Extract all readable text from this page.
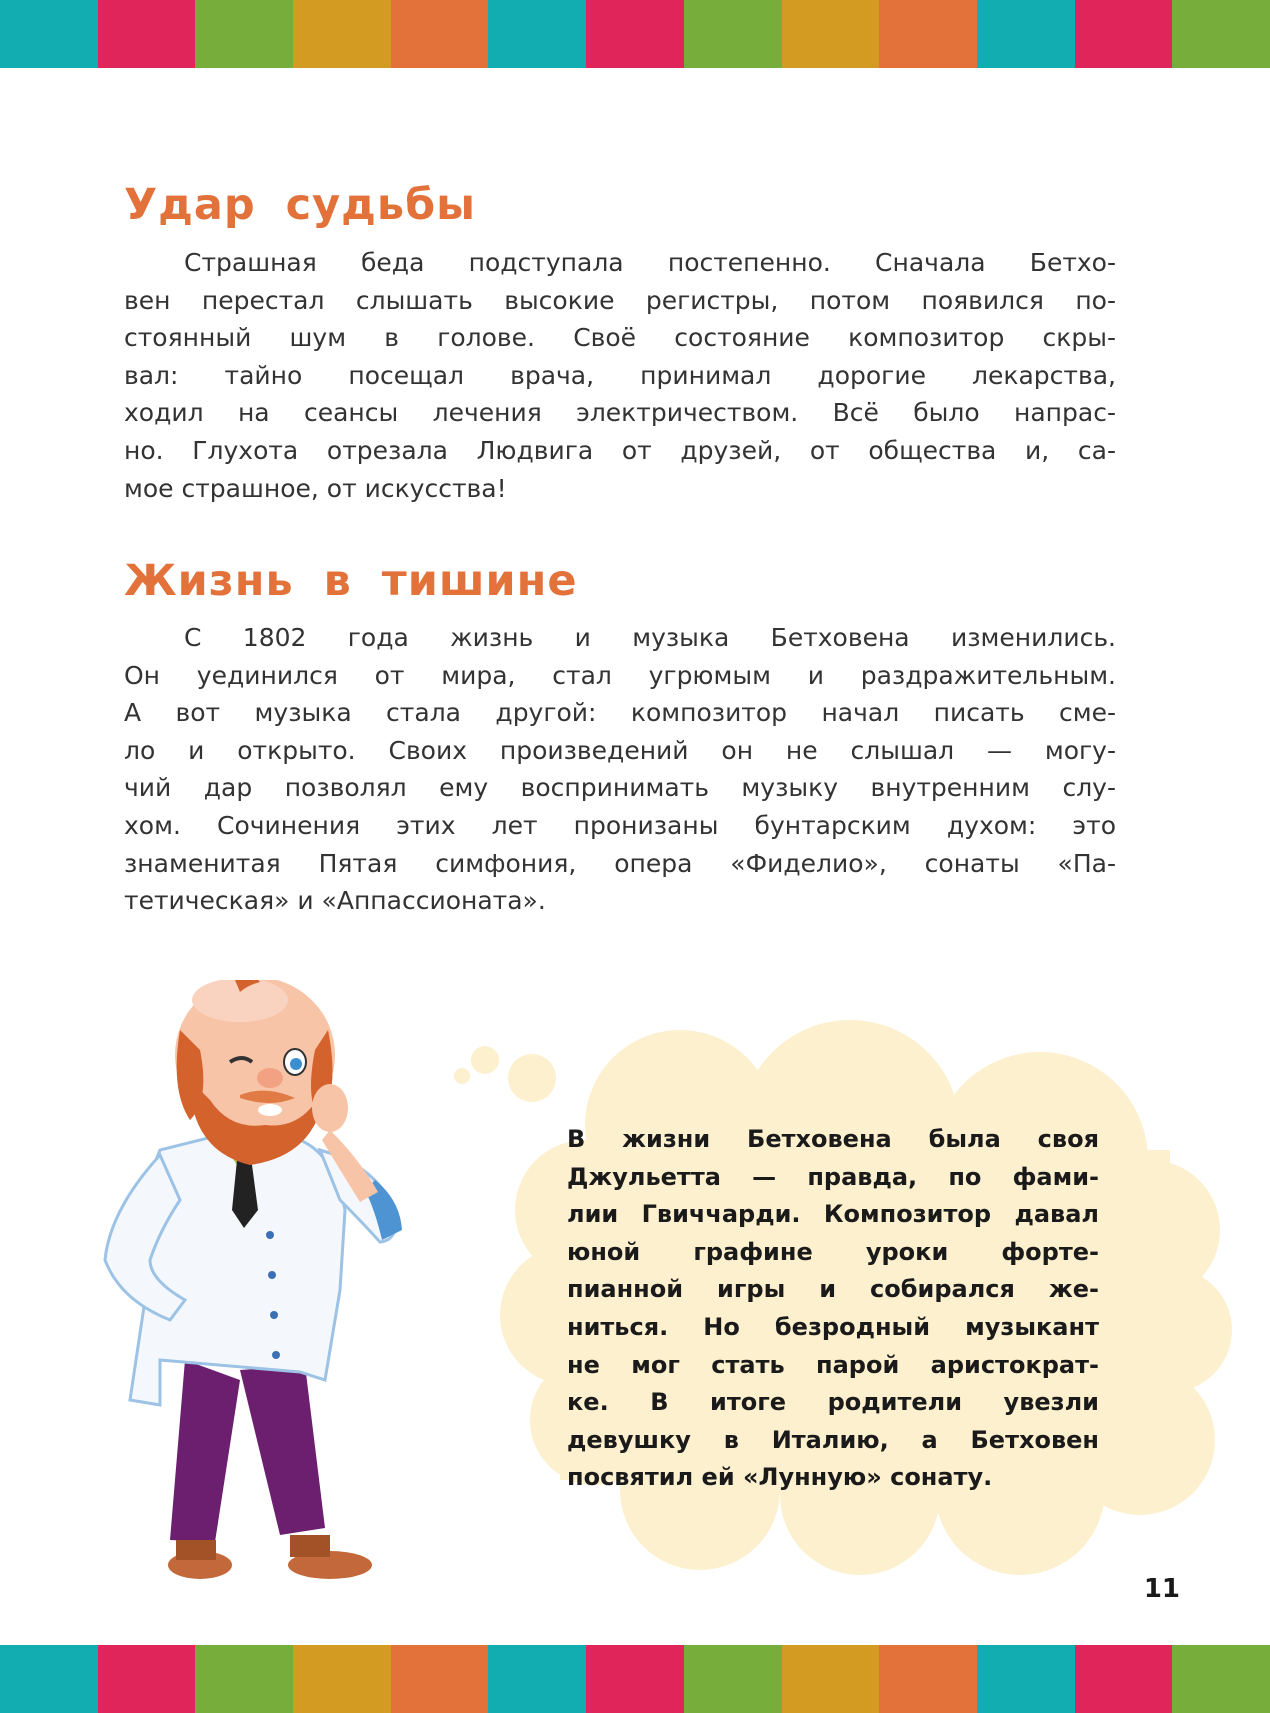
Удар судьбы
Страшная беда подступала постепенно. Сначала Бетхо-
вен перестал слышать высокие регистры, потом появился по-
стоянный шум в голове. Своё состояние композитор скры-
вал: тайно посещал врача, принимал дорогие лекарства,
ходил на сеансы лечения электричеством. Всё было напрас-
но. Глухота отрезала Людвига от друзей, от общества и, са-
мое страшное, от искусства!
Жизнь в тишине
С 1802 года жизнь и музыка Бетховена изменились.
Он уединился от мира, стал угрюмым и раздражительным.
А вот музыка стала другой: композитор начал писать сме-
ло и открыто. Своих произведений он не слышал — могу-
чий дар позволял ему воспринимать музыку внутренним слу-
хом. Сочинения этих лет пронизаны бунтарским духом: это
знаменитая Пятая симфония, опера «Фиделио», сонаты «Па-
тетическая» и «Аппассионата».
В жизни Бетховена была своя
Джульетта — правда, по фами-
лии Гвиччарди. Композитор давал
юной графине уроки форте-
пианной игры и собирался же-
ниться. Но безродный музыкант
не мог стать парой аристократ-
ке. В итоге родители увезли
девушку в Италию, а Бетховен
посвятил ей «Лунную» сонату.
11
